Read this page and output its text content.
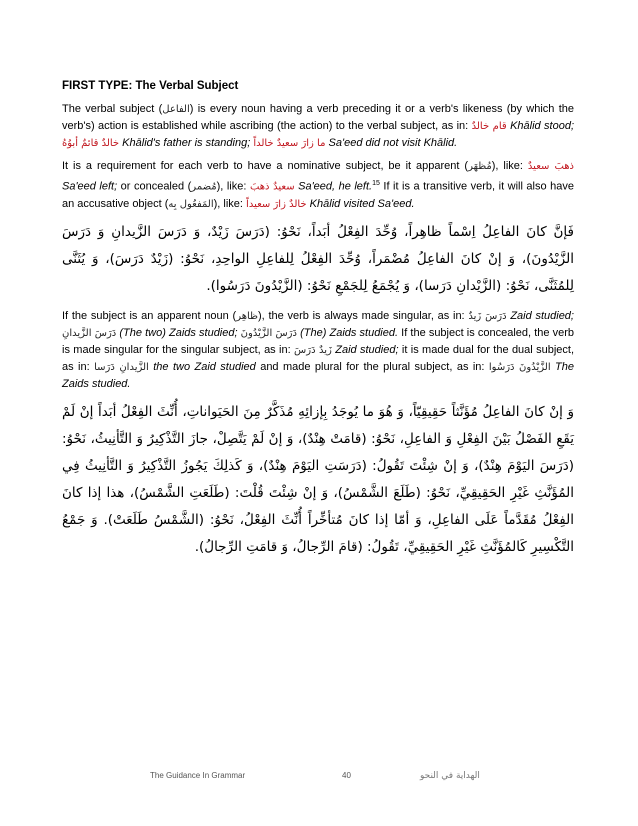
FIRST TYPE: The Verbal Subject

The verbal subject (الفاعل) is every noun having a verb preceding it or a verb's likeness (by which the verb's) action is established while ascribing (the action) to the verbal subject, as in: قام خالدٌ Khālid stood; خالدٌ قائمٌ أبوُهُ Khālid's father is standing; ما زارَ سعيدٌ خالداً Sa'eed did not visit Khālid.

It is a requirement for each verb to have a nominative subject, be it apparent (مُظهَر), like: ذهبَ سعيدٌ Sa'eed left; or concealed (مُضمر), like: سعيدٌ ذهبَ Sa'eed, he left.$^{15}$ If it is a transitive verb, it will also have an accusative object (المَفعُول بِه), like: خالدٌ زارَ سعيداً Khālid visited Sa'eed.

فَإنَّ كانَ الفاعِلُ اِسْماً ظاهِراً، وُحِّدَ الفِعْلُ أبَداً، نَحْوُ: (دَرَسَ زَيْدٌ، وَ دَرَسَ الزَّيدانِ وَ دَرَسَ الزَّيْدُونَ)، وَ إنْ كانَ الفاعِلُ مُضْمَراً، وُحِّدَ الفِعْلُ لِلفاعِلِ الواحِدِ، نَحْوُ: (زَيْدٌ دَرَسَ)، وَ يُثَنَّى لِلمُثَنَّى، نَحْوُ: (الزَّيْدانِ دَرَسا)، وَ يُجْمَعُ لِلجَمْعِ نَحْوُ: (الزَّيْدُونَ دَرَسُوا).

If the subject is an apparent noun (ظاهِر), the verb is always made singular, as in: دَرَسَ زَيدٌ Zaid studied; دَرَسَ الزَّيدانِ (The two) Zaids studied; دَرَسَ الزَّيْدُونَ (The) Zaids studied. If the subject is concealed, the verb is made singular for the singular subject, as in: زَيدٌ دَرَسَ Zaid studied; it is made dual for the dual subject, as in: الزَّيدانِ دَرَسا the two Zaid studied and made plural for the plural subject, as in: الزَّيْدُونَ دَرَسُوا The Zaids studied.

وَ إنْ كانَ الفاعِلُ مُؤَنَّثاً حَقِيقِيّاً، وَ هُوَ ما يُوجَدُ بِإزائِهِ مُذَكَّرٌ مِنَ الحَيَواناتِ، أُنِّثَ الفِعْلُ أبَداً إنْ لَمْ يَقَعِ الفَصْلُ بَيْنَ الفِعْلِ وَ الفاعِلِ، نَحْوُ: (قامَتْ هِنْدٌ)، وَ إنْ لَمْ يَتَّصِلْ، جازَ التَّذْكِيرُ وَ التَّأنِيثُ، نَحْوُ: (دَرَسَ اليَوْمَ هِنْدٌ)، وَ إنْ شِئْتَ تَقُولُ: (دَرَسَتِ اليَوْمَ هِنْدٌ)، وَ كَذلِكَ يَجُوزُ التَّذْكِيرُ وَ التَّأنِيثُ فِي المُؤَنَّثِ غَيْرِ الحَقِيقِيِّ، نَحْوُ: (طَلَعَ الشَّمْسُ)، وَ إنْ شِئْتَ قُلْتَ: (طَلَعَتِ الشَّمْسُ)، هذا إذا كانَ الفِعْلُ مُقَدَّماً عَلَى الفاعِلِ، وَ أمّا إذا كانَ مُتأخِّراً أُنِّثَ الفِعْلُ، نَحْوُ: (الشَّمْسُ طَلَعَتْ). وَ جَمْعُ التَّكْسِيرِ كَالمُؤَنَّثِ غَيْرِ الحَقِيقِيِّ، تَقُولُ: (قامَ الرِّجالُ، وَ قامَتِ الرِّجالُ).
The Guidance In Grammar	40	الهداية في النحو
